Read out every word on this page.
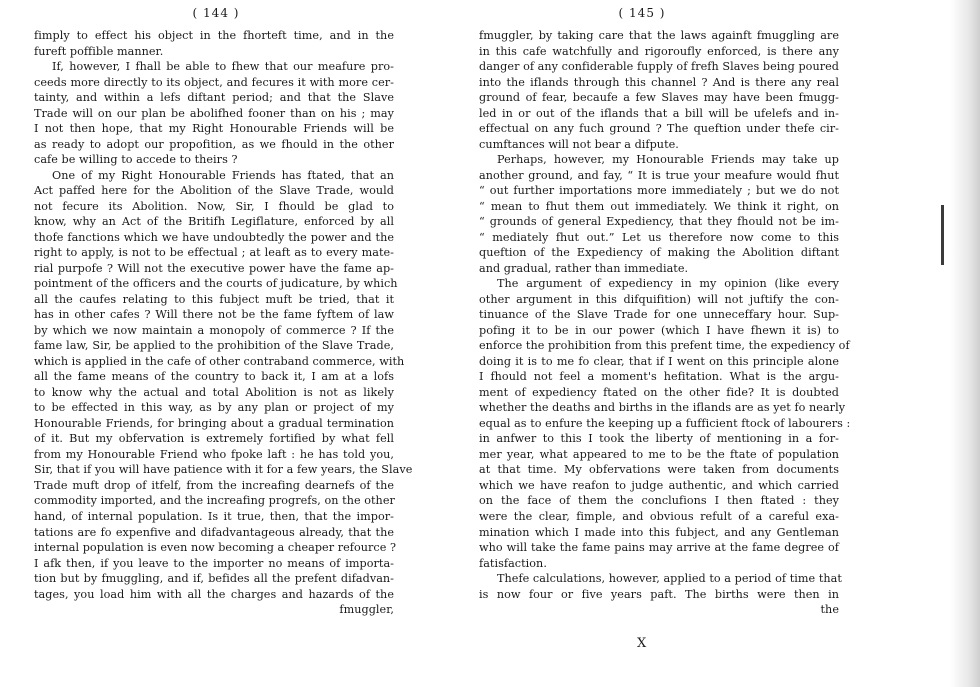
( 144 )	( 145 )
fimply to effect his object in the fhorteft time, and in the
fureft poffible manner.
If, however, I fhall be able to fhew that our meafure pro-
ceeds more directly to its object, and fecures it with more cer-
tainty, and within a lefs diftant period; and that the Slave
Trade will on our plan be abolifhed fooner than on his ; may
I not then hope, that my Right Honourable Friends will be
as ready to adopt our propofition, as we fhould in the other
cafe be willing to accede to theirs ?
One of my Right Honourable Friends has ftated, that an
Act paffed here for the Abolition of the Slave Trade, would
not fecure its Abolition. Now, Sir, I fhould be glad to
know, why an Act of the Britifh Legiflature, enforced by all
thofe fanctions which we have undoubtedly the power and the
right to apply, is not to be effectual ; at leaft as to every mate-
rial purpofe ? Will not the executive power have the fame ap-
pointment of the officers and the courts of judicature, by which
all the caufes relating to this fubject muft be tried, that it
has in other cafes ? Will there not be the fame fyftem of law
by which we now maintain a monopoly of commerce ? If the
fame law, Sir, be applied to the prohibition of the Slave Trade,
which is applied in the cafe of other contraband commerce, with
all the fame means of the country to back it, I am at a lofs
to know why the actual and total Abolition is not as likely
to be effected in this way, as by any plan or project of my
Honourable Friends, for bringing about a gradual termination
of it. But my obfervation is extremely fortified by what fell
from my Honourable Friend who fpoke laft : he has told you,
Sir, that if you will have patience with it for a few years, the Slave
Trade muft drop of itfelf, from the increafing dearnefs of the
commodity imported, and the increafing progrefs, on the other
hand, of internal population. Is it true, then, that the impor-
tations are fo expenfive and difadvantageous already, that the
internal population is even now becoming a cheaper refource ?
I afk then, if you leave to the importer no means of importa-
tion but by fmuggling, and if, befides all the prefent difadvan-
tages, you load him with all the charges and hazards of the
fmuggler,
fmuggler, by taking care that the laws againft fmuggling are
in this cafe watchfully and rigoroufly enforced, is there any
danger of any confiderable fupply of frefh Slaves being poured
into the iflands through this channel ? And is there any real
ground of fear, becaufe a few Slaves may have been fmugg-
led in or out of the iflands that a bill will be ufelefs and in-
effectual on any fuch ground ? The queftion under thefe cir-
cumftances will not bear a difpute.
Perhaps, however, my Honourable Friends may take up
another ground, and fay, “ It is true your meafure would fhut
“ out further importations more immediately ; but we do not
“ mean to fhut them out immediately. We think it right, on
“ grounds of general Expediency, that they fhould not be im-
“ mediately fhut out.” Let us therefore now come to this
queftion of the Expediency of making the Abolition diftant
and gradual, rather than immediate.
The argument of expediency in my opinion (like every
other argument in this difquifition) will not juftify the con-
tinuance of the Slave Trade for one unneceffary hour. Sup-
pofing it to be in our power (which I have fhewn it is) to
enforce the prohibition from this prefent time, the expediency of
doing it is to me fo clear, that if I went on this principle alone
I fhould not feel a moment's hefitation. What is the argu-
ment of expediency ftated on the other fide? It is doubted
whether the deaths and births in the iflands are as yet fo nearly
equal as to enfure the keeping up a fufficient ftock of labourers :
in anfwer to this I took the liberty of mentioning in a for-
mer year, what appeared to me to be the ftate of population
at that time. My obfervations were taken from documents
which we have reafon to judge authentic, and which carried
on the face of them the conclufions I then ftated : they
were the clear, fimple, and obvious refult of a careful exa-
mination which I made into this fubject, and any Gentleman
who will take the fame pains may arrive at the fame degree of
fatisfaction.
Thefe calculations, however, applied to a period of time that
is now four or five years paft. The births were then in
the
X
